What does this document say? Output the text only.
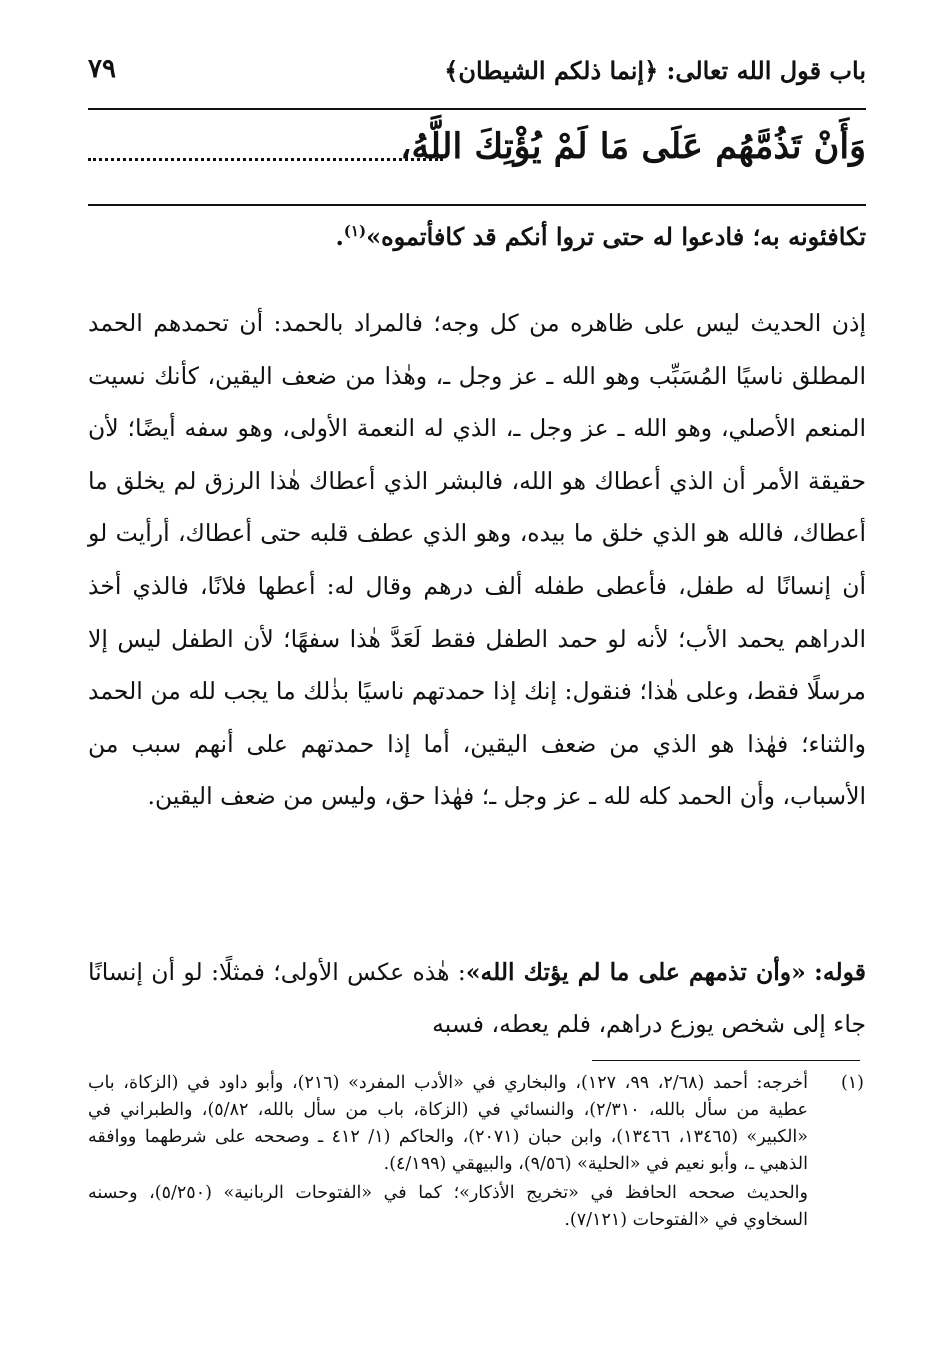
باب قول الله تعالى: ﴿إنما ذلكم الشيطان﴾
٧٩
وَأَنْ تَذُمَّهُم عَلَى مَا لَمْ يُؤْتِكَ اللَّهُ،
تكافئونه به؛ فادعوا له حتى تروا أنكم قد كافأتموه»$^{(١)}$.
إذن الحديث ليس على ظاهره من كل وجه؛ فالمراد بالحمد: أن تحمدهم الحمد المطلق ناسيًا المُسَبِّب وهو الله ـ عز وجل ـ، وهٰذا من ضعف اليقين، كأنك نسيت المنعم الأصلي، وهو الله ـ عز وجل ـ، الذي له النعمة الأولى، وهو سفه أيضًا؛ لأن حقيقة الأمر أن الذي أعطاك هو الله، فالبشر الذي أعطاك هٰذا الرزق لم يخلق ما أعطاك، فالله هو الذي خلق ما بيده، وهو الذي عطف قلبه حتى أعطاك، أرأيت لو أن إنسانًا له طفل، فأعطى طفله ألف درهم وقال له: أعطها فلانًا، فالذي أخذ الدراهم يحمد الأب؛ لأنه لو حمد الطفل فقط لَعَدَّ هٰذا سفهًا؛ لأن الطفل ليس إلا مرسلًا فقط، وعلى هٰذا؛ فنقول: إنك إذا حمدتهم ناسيًا بذٰلك ما يجب لله من الحمد والثناء؛ فهٰذا هو الذي من ضعف اليقين، أما إذا حمدتهم على أنهم سبب من الأسباب، وأن الحمد كله لله ـ عز وجل ـ؛ فهٰذا حق، وليس من ضعف اليقين.
قوله: «وأن تذمهم على ما لم يؤتك الله»: هٰذه عكس الأولى؛ فمثلًا: لو أن إنسانًا جاء إلى شخص يوزع دراهم، فلم يعطه، فسبه
(١)
أخرجه: أحمد (٢/٦٨، ٩٩، ١٢٧)، والبخاري في «الأدب المفرد» (٢١٦)، وأبو داود في (الزكاة، باب عطية من سأل بالله، ٢/٣١٠)، والنسائي في (الزكاة، باب من سأل بالله، ٥/٨٢)، والطبراني في «الكبير» (١٣٤٦٥، ١٣٤٦٦)، وابن حبان (٢٠٧١)، والحاكم (١/ ٤١٢ ـ وصححه على شرطهما ووافقه الذهبي ـ، وأبو نعيم في «الحلية» (٩/٥٦)، والبيهقي (٤/١٩٩).
والحديث صححه الحافظ في «تخريج الأذكار»؛ كما في «الفتوحات الربانية» (٥/٢٥٠)، وحسنه السخاوي في «الفتوحات (٧/١٢١).
